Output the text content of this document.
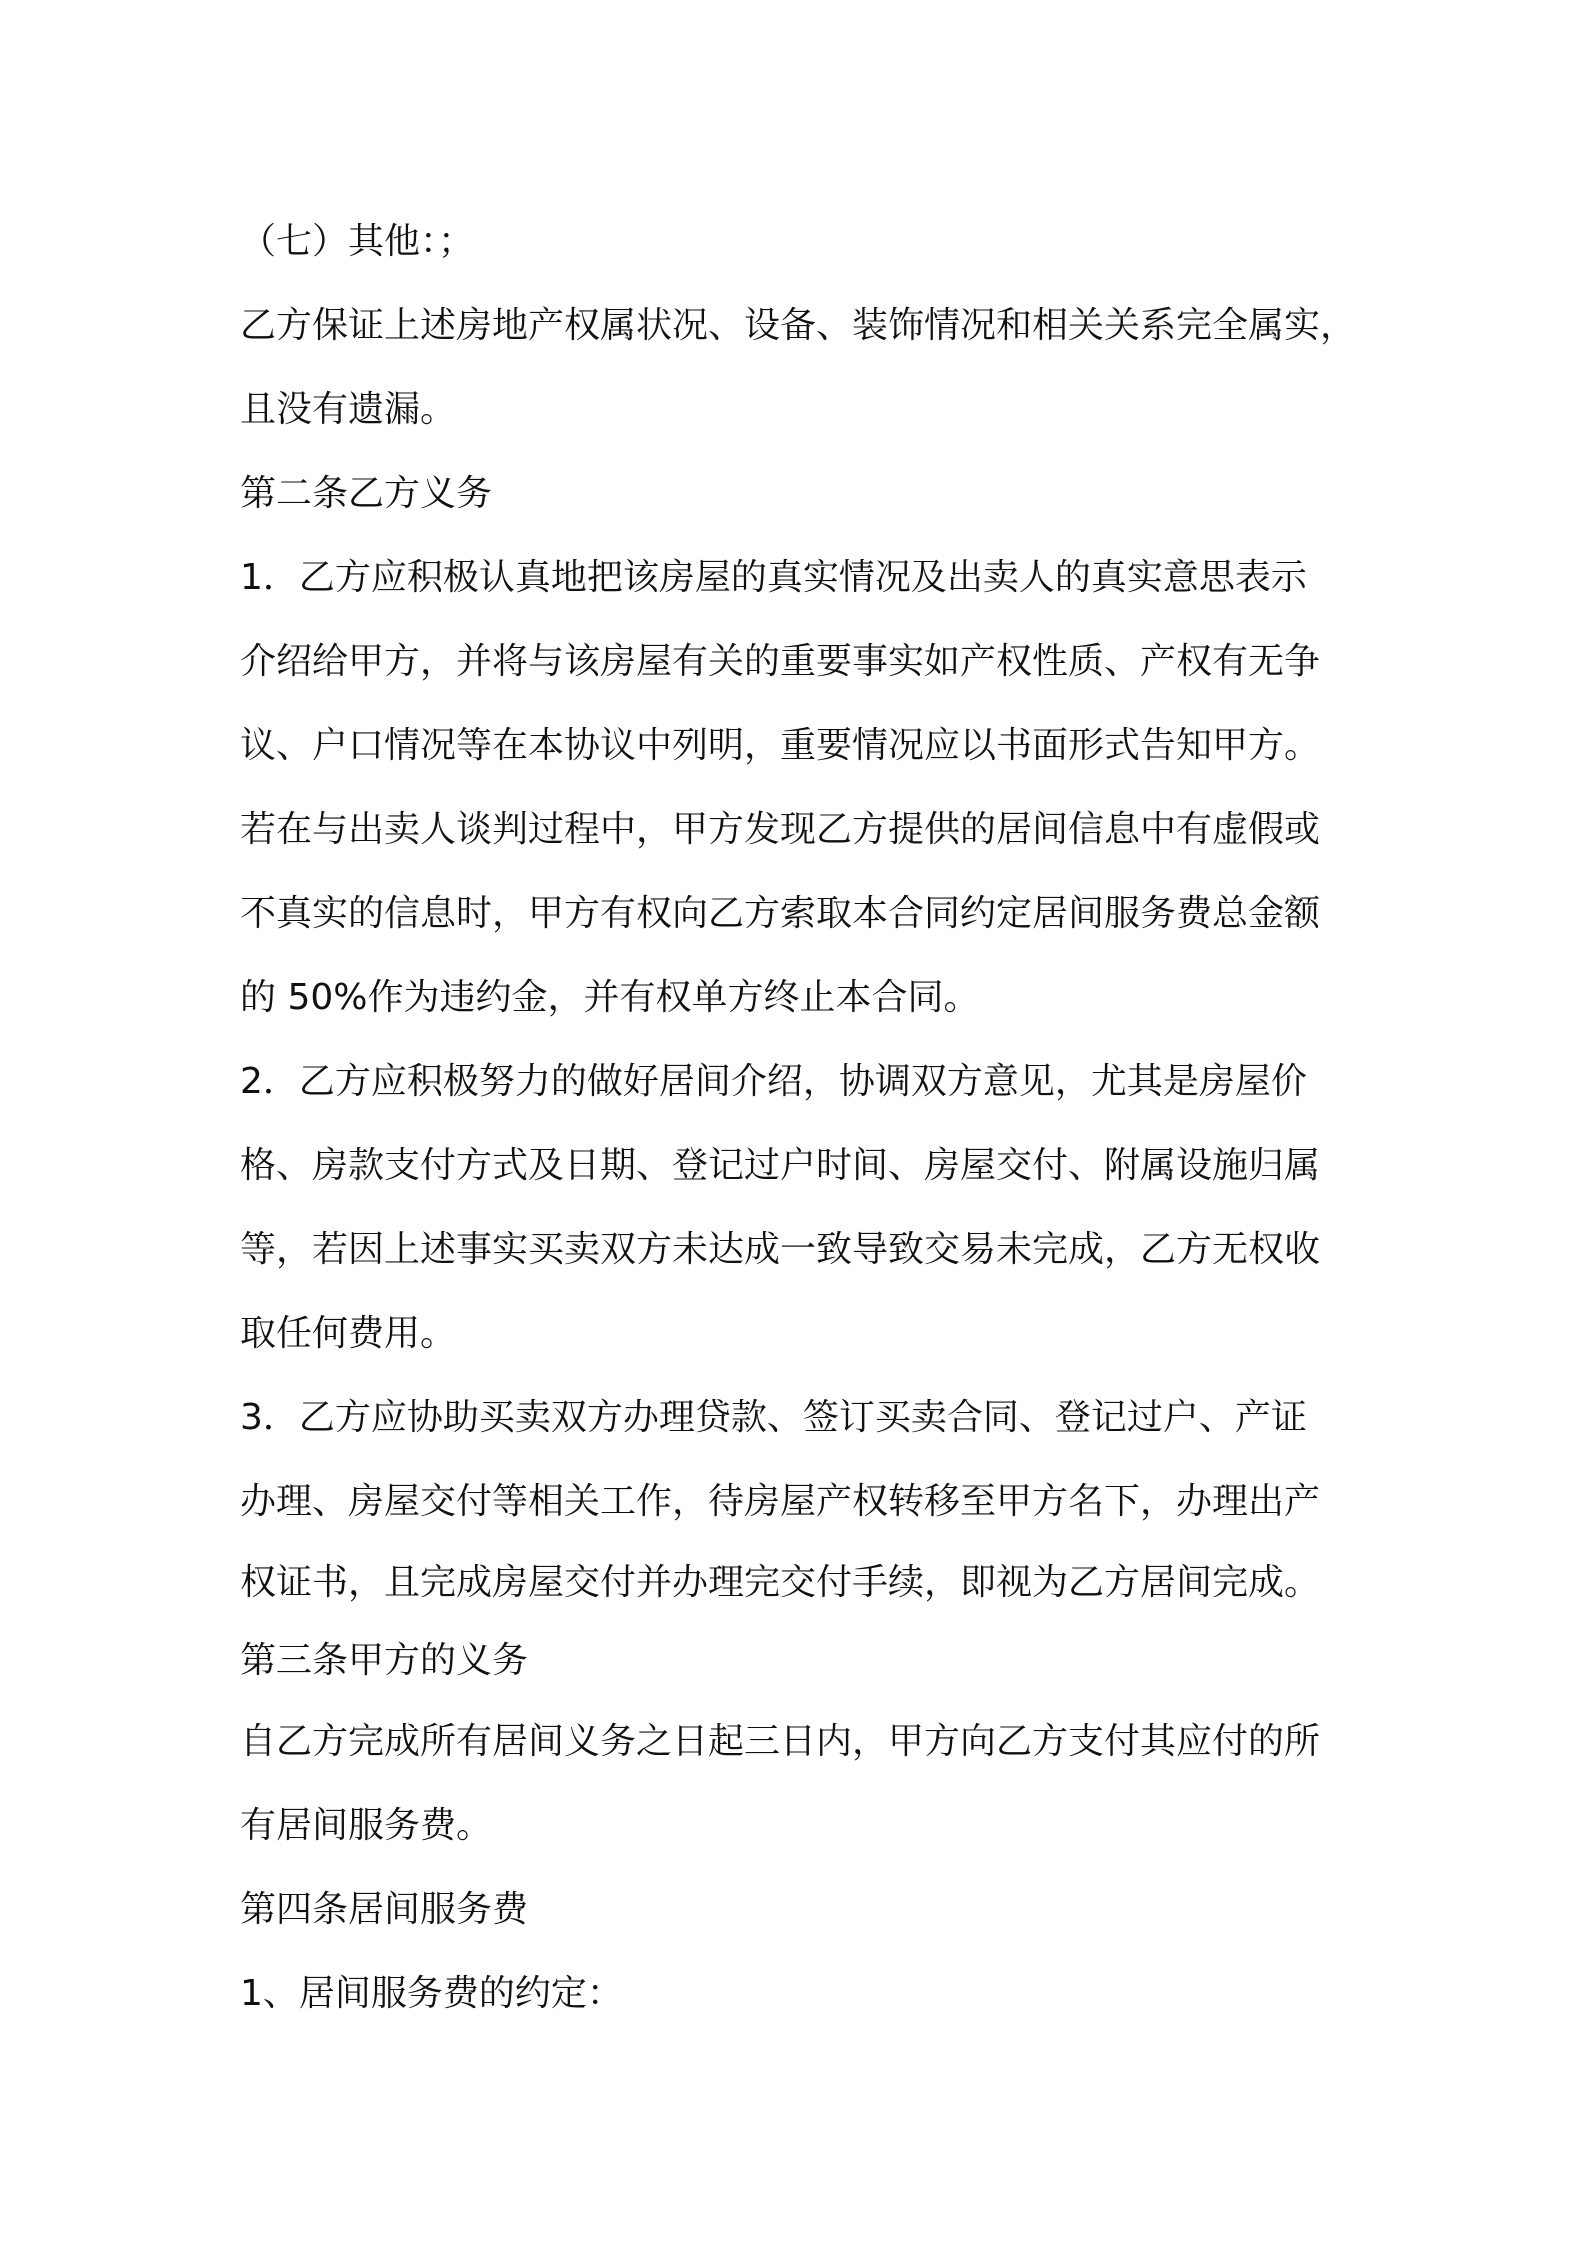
（七）其他：；

乙方保证上述房地产权属状况、设备、装饰情况和相关关系完全属实，

且没有遗漏。

第二条乙方义务

1．乙方应积极认真地把该房屋的真实情况及出卖人的真实意思表示

介绍给甲方，并将与该房屋有关的重要事实如产权性质、产权有无争

议、户口情况等在本协议中列明，重要情况应以书面形式告知甲方。

若在与出卖人谈判过程中，甲方发现乙方提供的居间信息中有虚假或

不真实的信息时，甲方有权向乙方索取本合同约定居间服务费总金额

的 50%作为违约金，并有权单方终止本合同。

2．乙方应积极努力的做好居间介绍，协调双方意见，尤其是房屋价

格、房款支付方式及日期、登记过户时间、房屋交付、附属设施归属

等，若因上述事实买卖双方未达成一致导致交易未完成，乙方无权收

取任何费用。

3．乙方应协助买卖双方办理贷款、签订买卖合同、登记过户、产证

办理、房屋交付等相关工作，待房屋产权转移至甲方名下，办理出产

权证书，且完成房屋交付并办理完交付手续，即视为乙方居间完成。

第三条甲方的义务

自乙方完成所有居间义务之日起三日内，甲方向乙方支付其应付的所

有居间服务费。

第四条居间服务费

1、居间服务费的约定：
